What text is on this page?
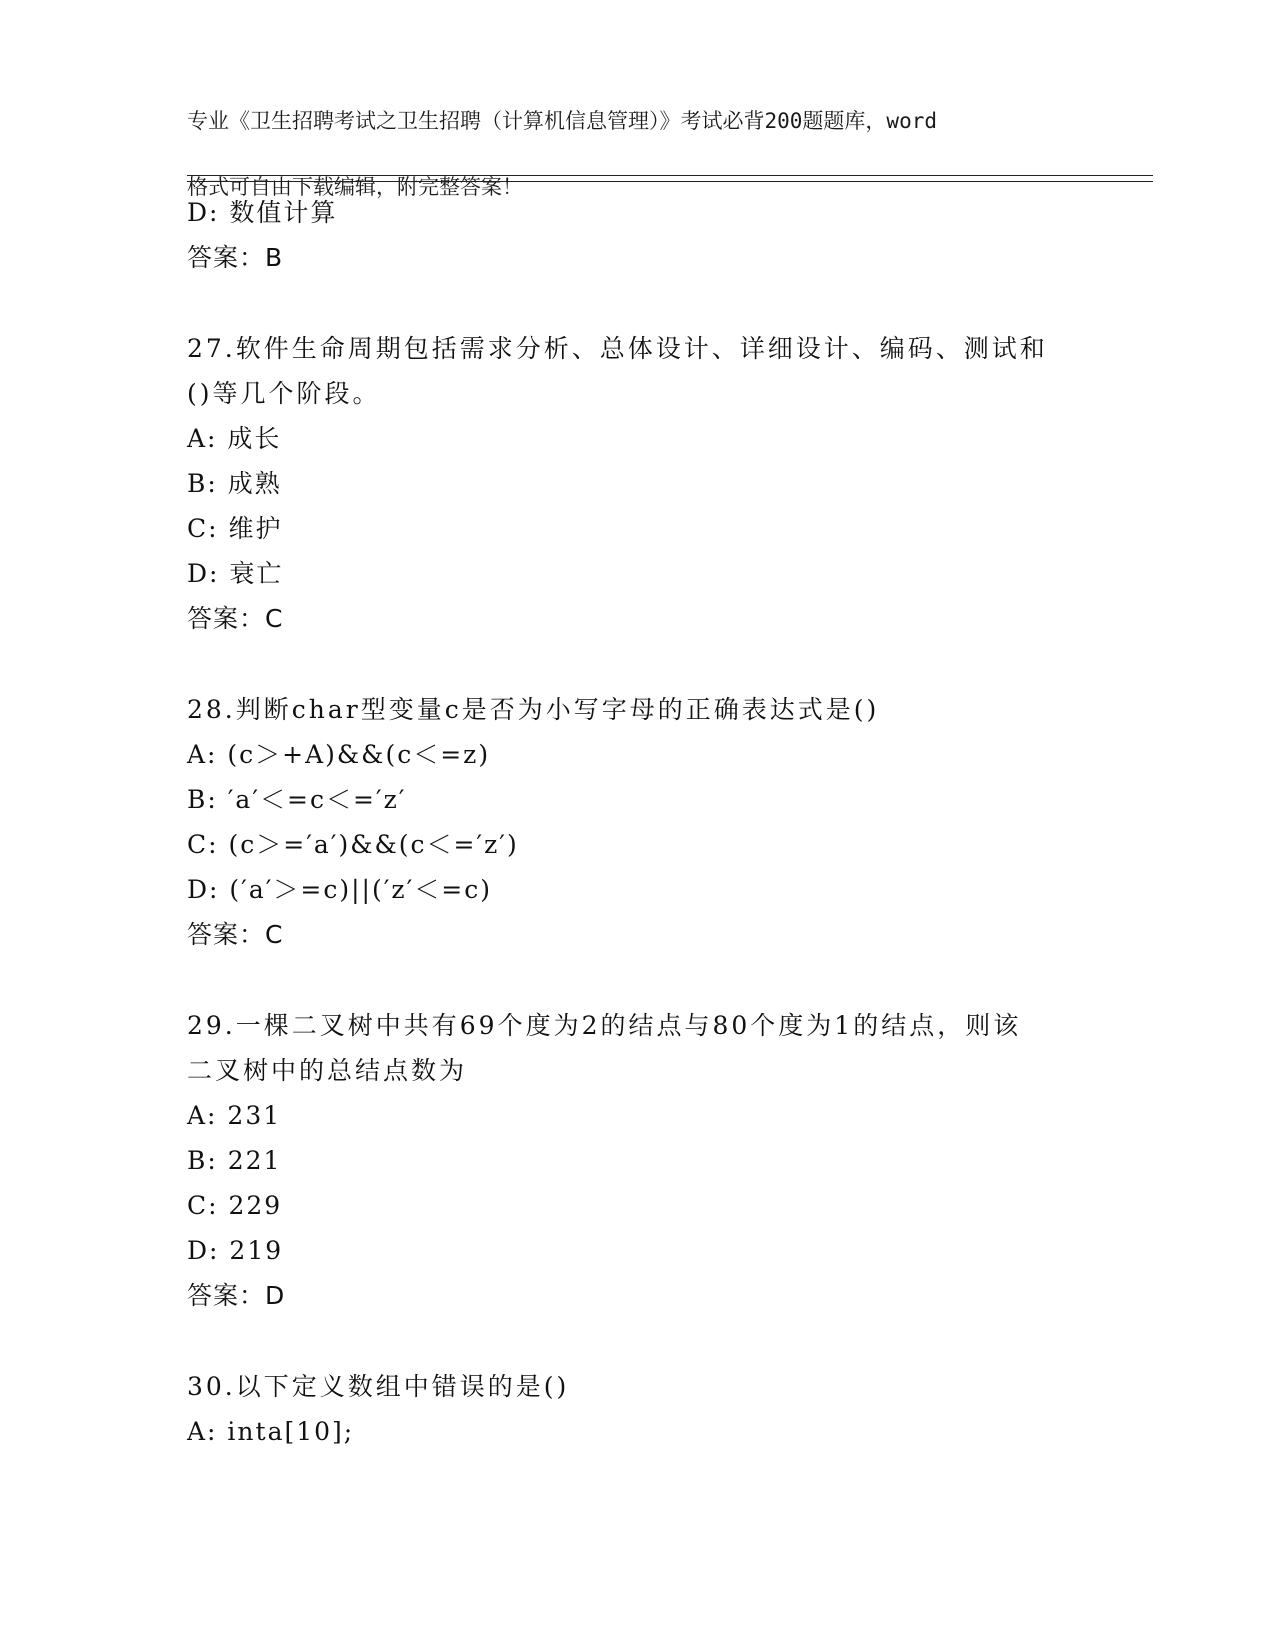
专业《卫生招聘考试之卫生招聘（计算机信息管理）》考试必背200题题库，word

格式可自由下载编辑，附完整答案！

D: 数值计算
答案：B
27.软件生命周期包括需求分析、总体设计、详细设计、编码、测试和
()等几个阶段。
A: 成长
B: 成熟
C: 维护
D: 衰亡
答案：C
28.判断char型变量c是否为小写字母的正确表达式是()
A: (c＞+A)&&(c＜=z)
B: ′a′＜=c＜=′z′
C: (c＞=′a′)&&(c＜=′z′)
D: (′a′＞=c)||(′z′＜=c)
答案：C
29.一棵二叉树中共有69个度为2的结点与80个度为1的结点，则该
二叉树中的总结点数为
A: 231
B: 221
C: 229
D: 219
答案：D
30.以下定义数组中错误的是()
A: inta[10];
